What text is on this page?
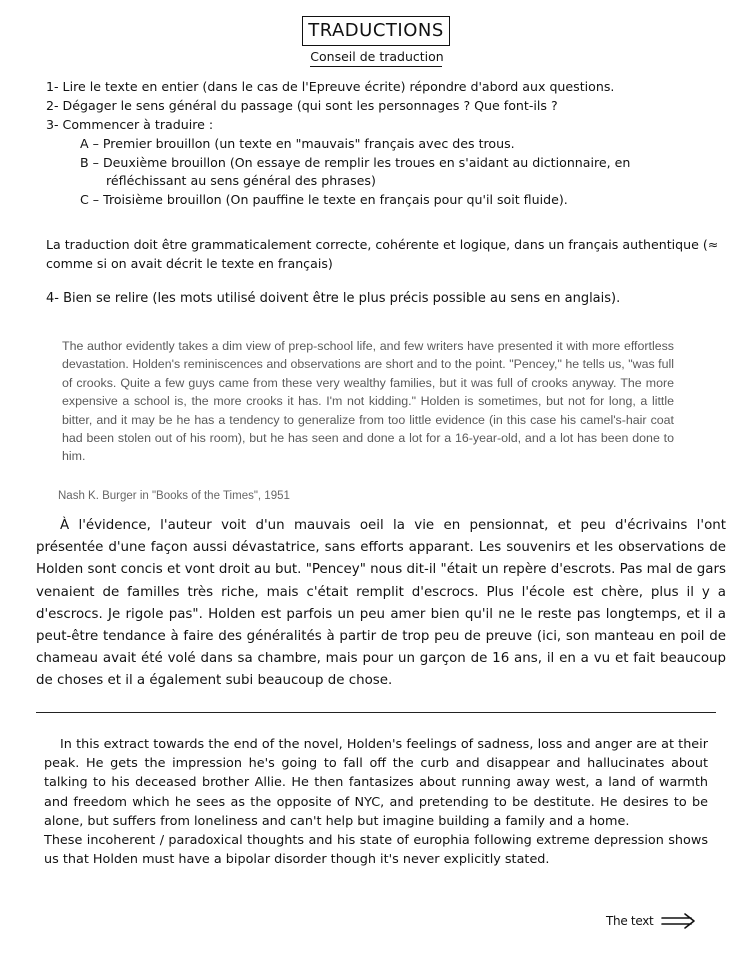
TRADUCTIONS
Conseil de traduction
1- Lire le texte en entier (dans le cas de l'Epreuve écrite) répondre d'abord aux questions.
2- Dégager le sens général du passage (qui sont les personnages ? Que font-ils ?
3- Commencer à traduire :
A – Premier brouillon (un texte en "mauvais" français avec des trous.
B – Deuxième brouillon (On essaye de remplir les troues en s'aidant au dictionnaire, en
réfléchissant au sens général des phrases)
C – Troisième brouillon (On pauffine le texte en français pour qu'il soit fluide).
La traduction doit être grammaticalement correcte, cohérente et logique, dans un français authentique (≈ comme si on avait décrit le texte en français)
4- Bien se relire (les mots utilisé doivent être le plus précis possible au sens en anglais).
The author evidently takes a dim view of prep-school life, and few writers have presented it with more effortless devastation. Holden's reminiscences and observations are short and to the point. "Pencey," he tells us, "was full of crooks. Quite a few guys came from these very wealthy families, but it was full of crooks anyway. The more expensive a school is, the more crooks it has. I'm not kidding." Holden is sometimes, but not for long, a little bitter, and it may be he has a tendency to generalize from too little evidence (in this case his camel's-hair coat had been stolen out of his room), but he has seen and done a lot for a 16-year-old, and a lot has been done to him.
Nash K. Burger in "Books of the Times", 1951
À l'évidence, l'auteur voit d'un mauvais oeil la vie en pensionnat, et peu d'écrivains l'ont présentée d'une façon aussi dévastatrice, sans efforts apparant. Les souvenirs et les observations de Holden sont concis et vont droit au but. "Pencey" nous dit-il "était un repère d'escrots. Pas mal de gars venaient de familles très riche, mais c'était remplit d'escrocs. Plus l'école est chère, plus il y a d'escrocs. Je rigole pas". Holden est parfois un peu amer bien qu'il ne le reste pas longtemps, et il a peut-être tendance à faire des généralités à partir de trop peu de preuve (ici, son manteau en poil de chameau avait été volé dans sa chambre, mais pour un garçon de 16 ans, il en a vu et fait beaucoup de choses et il a également subi beaucoup de chose.
In this extract towards the end of the novel, Holden's feelings of sadness, loss and anger are at their peak. He gets the impression he's going to fall off the curb and disappear and hallucinates about talking to his deceased brother Allie. He then fantasizes about running away west, a land of warmth and freedom which he sees as the opposite of NYC, and pretending to be destitute. He desires to be alone, but suffers from loneliness and can't help but imagine building a family and a home.
These incoherent / paradoxical thoughts and his state of europhia following extreme depression shows us that Holden must have a bipolar disorder though it's never explicitly stated.
The text
